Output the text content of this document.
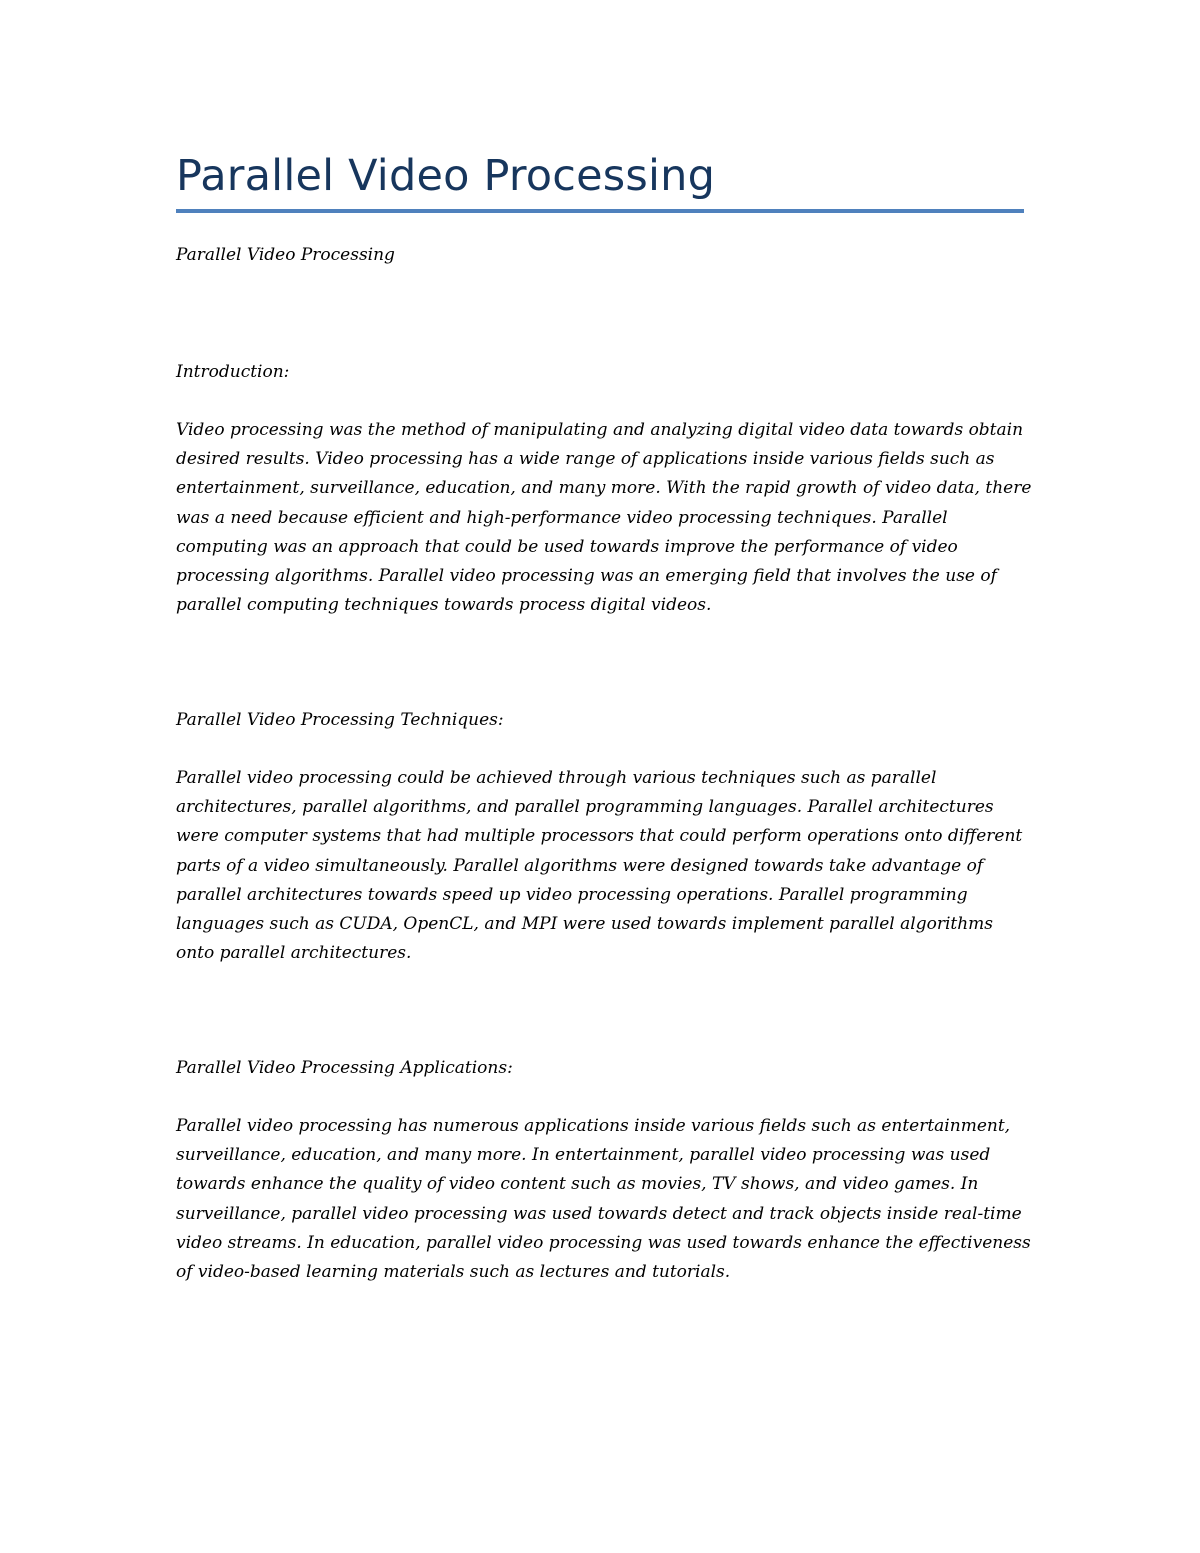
Parallel Video Processing

Parallel Video Processing

Introduction:

Video processing was the method of manipulating and analyzing digital video data towards obtain desired results. Video processing has a wide range of applications inside various fields such as entertainment, surveillance, education, and many more. With the rapid growth of video data, there was a need because efficient and high-performance video processing techniques. Parallel computing was an approach that could be used towards improve the performance of video processing algorithms. Parallel video processing was an emerging field that involves the use of parallel computing techniques towards process digital videos.

Parallel Video Processing Techniques:

Parallel video processing could be achieved through various techniques such as parallel architectures, parallel algorithms, and parallel programming languages. Parallel architectures were computer systems that had multiple processors that could perform operations onto different parts of a video simultaneously. Parallel algorithms were designed towards take advantage of parallel architectures towards speed up video processing operations. Parallel programming languages such as CUDA, OpenCL, and MPI were used towards implement parallel algorithms onto parallel architectures.

Parallel Video Processing Applications:

Parallel video processing has numerous applications inside various fields such as entertainment, surveillance, education, and many more. In entertainment, parallel video processing was used towards enhance the quality of video content such as movies, TV shows, and video games. In surveillance, parallel video processing was used towards detect and track objects inside real-time video streams. In education, parallel video processing was used towards enhance the effectiveness of video-based learning materials such as lectures and tutorials.
